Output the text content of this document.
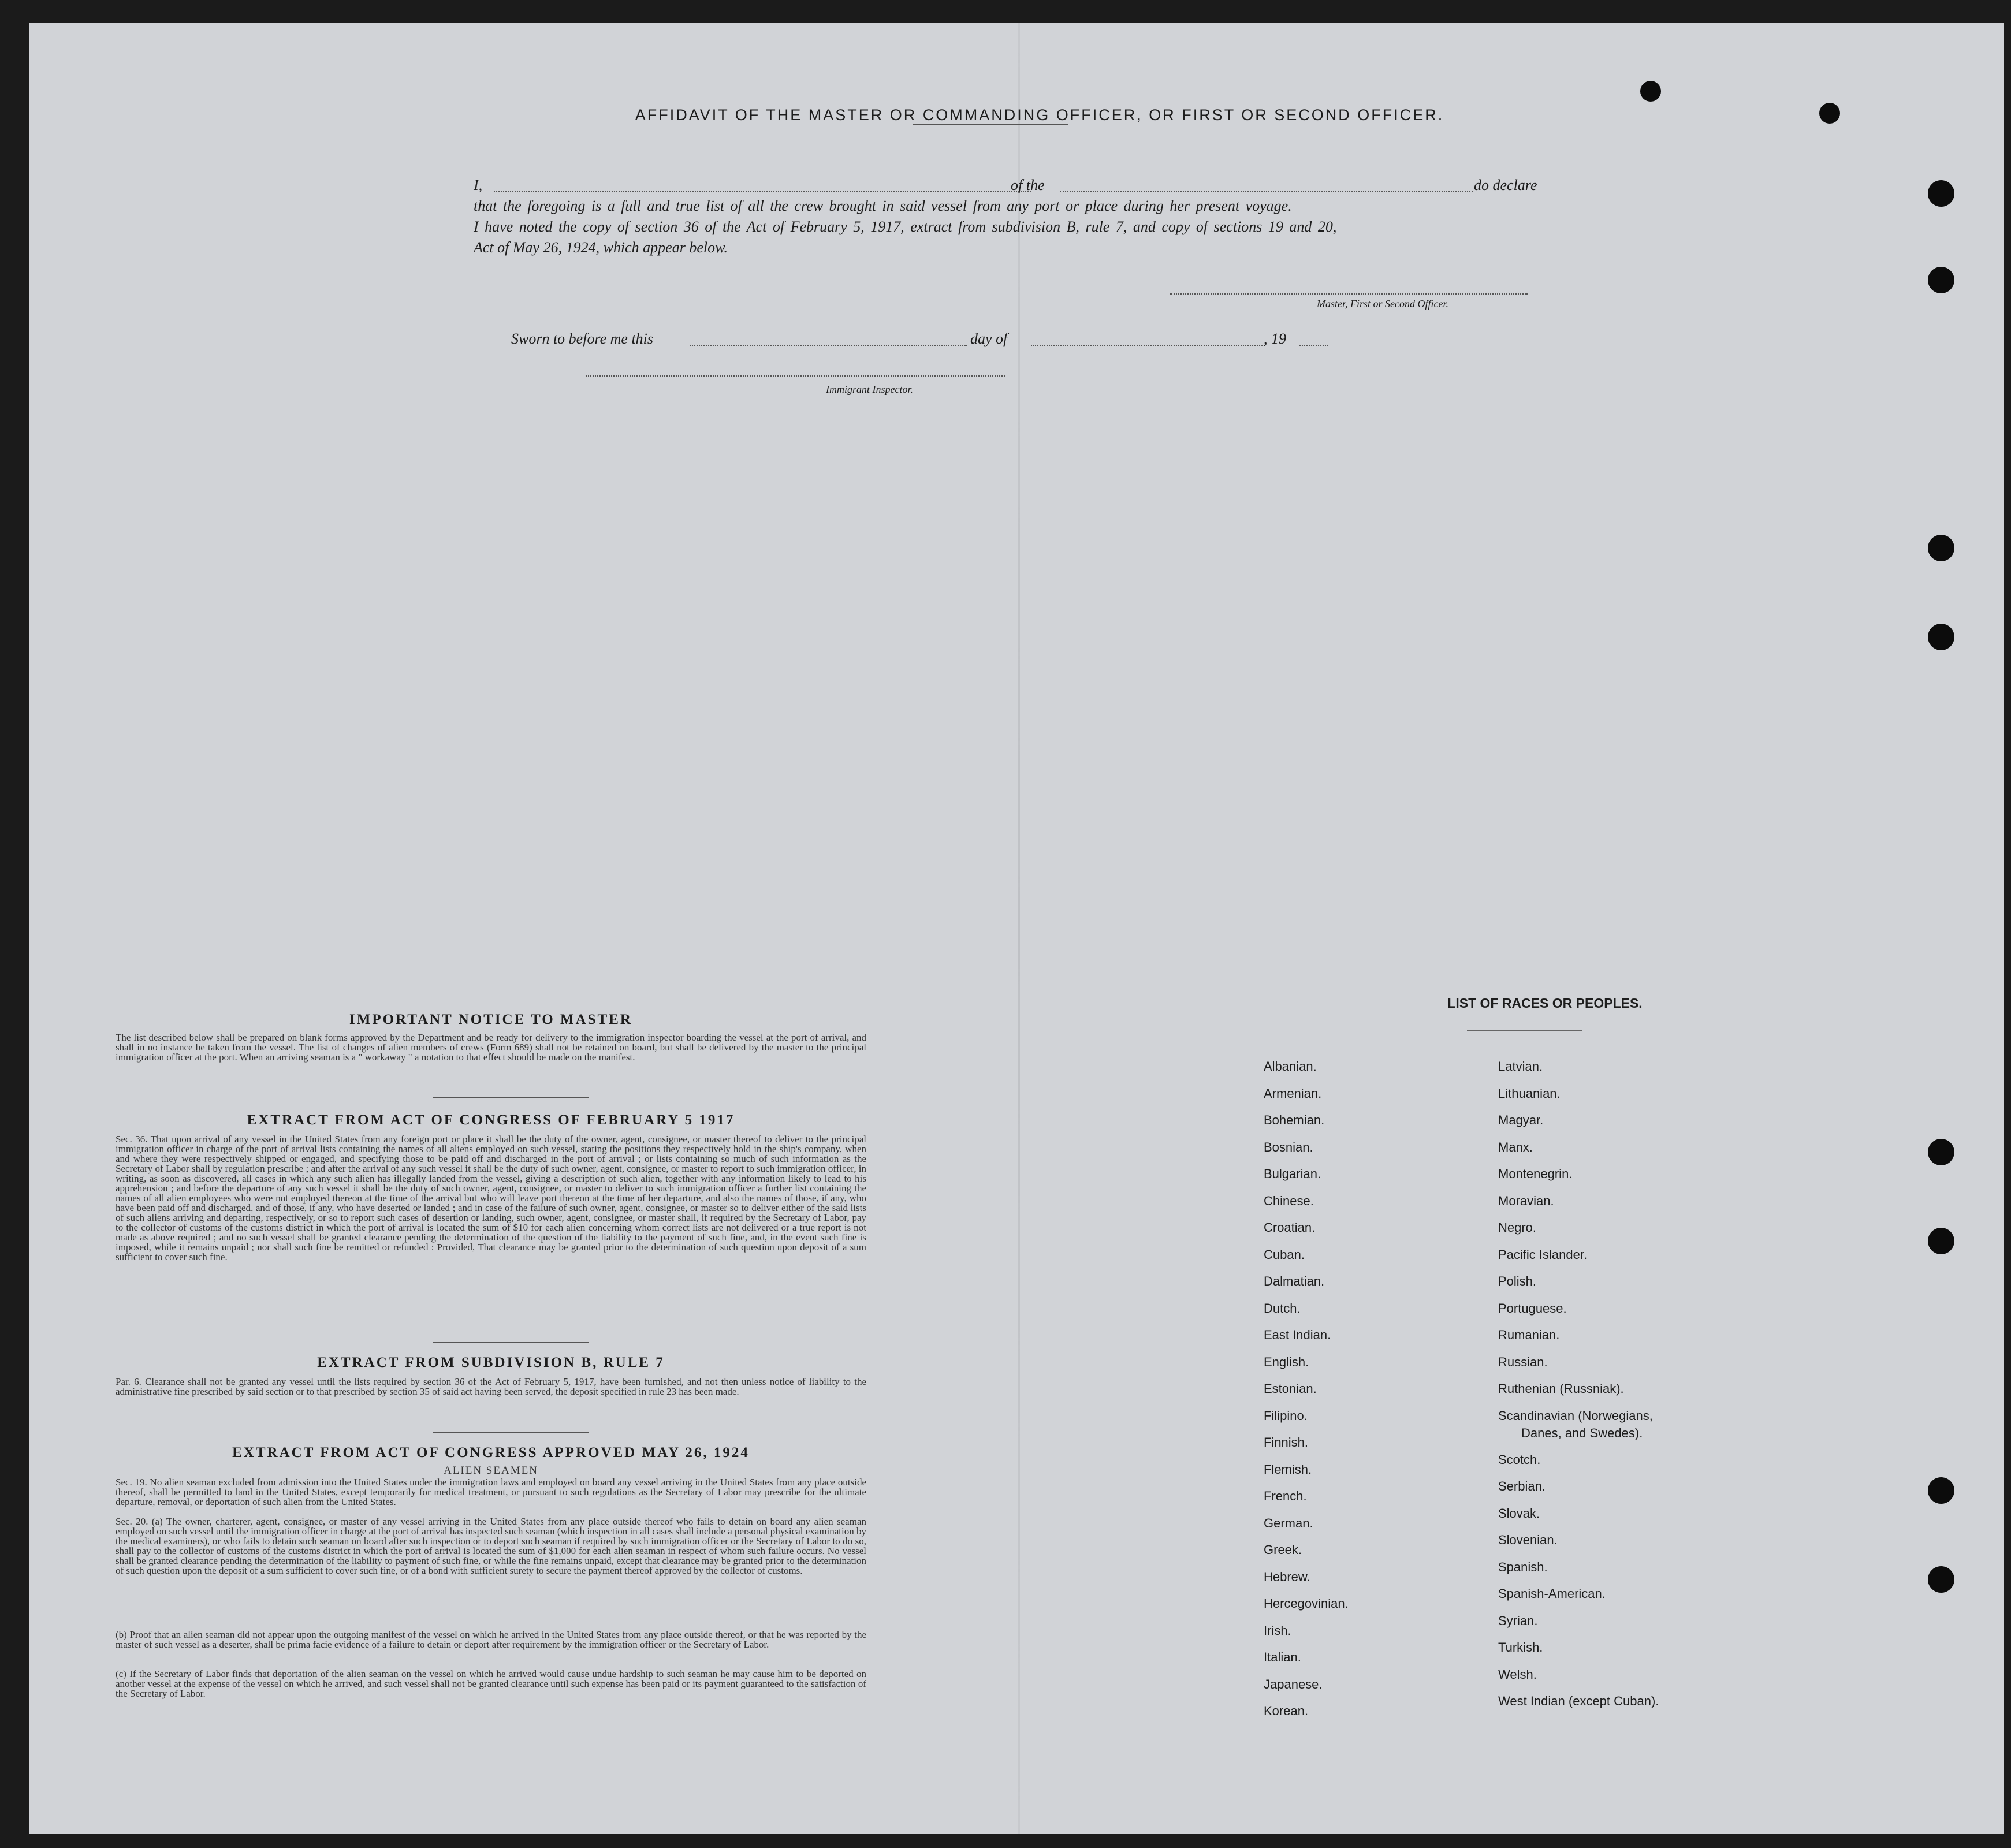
AFFIDAVIT OF THE MASTER OR COMMANDING OFFICER, OR FIRST OR SECOND OFFICER.
I,	of the	do declare
that the foregoing is a full and true list of all the crew brought in said vessel from any port or place during her present voyage.
I have noted the copy of section 36 of the Act of February 5, 1917, extract from subdivision B, rule 7, and copy of sections 19 and 20,
Act of May 26, 1924, which appear below.
Master, First or Second Officer.
Sworn to before me this	day of	, 19
Immigrant Inspector.
IMPORTANT NOTICE TO MASTER
The list described below shall be prepared on blank forms approved by the Department and be ready for delivery to the immigration inspector boarding the vessel at the port of arrival, and shall in no instance be taken from the vessel. The list of changes of alien members of crews (Form 689) shall not be retained on board, but shall be delivered by the master to the principal immigration officer at the port. When an arriving seaman is a " workaway " a notation to that effect should be made on the manifest.
EXTRACT FROM ACT OF CONGRESS OF FEBRUARY 5 1917
Sec. 36. That upon arrival of any vessel in the United States from any foreign port or place it shall be the duty of the owner, agent, consignee, or master thereof to deliver to the principal immigration officer in charge of the port of arrival lists containing the names of all aliens employed on such vessel, stating the positions they respectively hold in the ship's company, when and where they were respectively shipped or engaged, and specifying those to be paid off and discharged in the port of arrival ; or lists containing so much of such information as the Secretary of Labor shall by regulation prescribe ; and after the arrival of any such vessel it shall be the duty of such owner, agent, consignee, or master to report to such immigration officer, in writing, as soon as discovered, all cases in which any such alien has illegally landed from the vessel, giving a description of such alien, together with any information likely to lead to his apprehension ; and before the departure of any such vessel it shall be the duty of such owner, agent, consignee, or master to deliver to such immigration officer a further list containing the names of all alien employees who were not employed thereon at the time of the arrival but who will leave port thereon at the time of her departure, and also the names of those, if any, who have been paid off and discharged, and of those, if any, who have deserted or landed ; and in case of the failure of such owner, agent, consignee, or master so to deliver either of the said lists of such aliens arriving and departing, respectively, or so to report such cases of desertion or landing, such owner, agent, consignee, or master shall, if required by the Secretary of Labor, pay to the collector of customs of the customs district in which the port of arrival is located the sum of $10 for each alien concerning whom correct lists are not delivered or a true report is not made as above required ; and no such vessel shall be granted clearance pending the determination of the question of the liability to the payment of such fine, and, in the event such fine is imposed, while it remains unpaid ; nor shall such fine be remitted or refunded : Provided, That clearance may be granted prior to the determination of such question upon deposit of a sum sufficient to cover such fine.
EXTRACT FROM SUBDIVISION B, RULE 7
Par. 6. Clearance shall not be granted any vessel until the lists required by section 36 of the Act of February 5, 1917, have been furnished, and not then unless notice of liability to the administrative fine prescribed by said section or to that prescribed by section 35 of said act having been served, the deposit specified in rule 23 has been made.
EXTRACT FROM ACT OF CONGRESS APPROVED MAY 26, 1924
ALIEN SEAMEN
Sec. 19. No alien seaman excluded from admission into the United States under the immigration laws and employed on board any vessel arriving in the United States from any place outside thereof, shall be permitted to land in the United States, except temporarily for medical treatment, or pursuant to such regulations as the Secretary of Labor may prescribe for the ultimate departure, removal, or deportation of such alien from the United States.
Sec. 20. (a) The owner, charterer, agent, consignee, or master of any vessel arriving in the United States from any place outside thereof who fails to detain on board any alien seaman employed on such vessel until the immigration officer in charge at the port of arrival has inspected such seaman (which inspection in all cases shall include a personal physical examination by the medical examiners), or who fails to detain such seaman on board after such inspection or to deport such seaman if required by such immigration officer or the Secretary of Labor to do so, shall pay to the collector of customs of the customs district in which the port of arrival is located the sum of $1,000 for each alien seaman in respect of whom such failure occurs. No vessel shall be granted clearance pending the determination of the liability to payment of such fine, or while the fine remains unpaid, except that clearance may be granted prior to the determination of such question upon the deposit of a sum sufficient to cover such fine, or of a bond with sufficient surety to secure the payment thereof approved by the collector of customs.
(b) Proof that an alien seaman did not appear upon the outgoing manifest of the vessel on which he arrived in the United States from any place outside thereof, or that he was reported by the master of such vessel as a deserter, shall be prima facie evidence of a failure to detain or deport after requirement by the immigration officer or the Secretary of Labor.
(c) If the Secretary of Labor finds that deportation of the alien seaman on the vessel on which he arrived would cause undue hardship to such seaman he may cause him to be deported on another vessel at the expense of the vessel on which he arrived, and such vessel shall not be granted clearance until such expense has been paid or its payment guaranteed to the satisfaction of the Secretary of Labor.
LIST OF RACES OR PEOPLES.
Albanian.
Armenian.
Bohemian.
Bosnian.
Bulgarian.
Chinese.
Croatian.
Cuban.
Dalmatian.
Dutch.
East Indian.
English.
Estonian.
Filipino.
Finnish.
Flemish.
French.
German.
Greek.
Hebrew.
Hercegovinian.
Irish.
Italian.
Japanese.
Korean.
Latvian.
Lithuanian.
Magyar.
Manx.
Montenegrin.
Moravian.
Negro.
Pacific Islander.
Polish.
Portuguese.
Rumanian.
Russian.
Ruthenian (Russniak).
Scandinavian (Norwegians,
Danes, and Swedes).
Scotch.
Serbian.
Slovak.
Slovenian.
Spanish.
Spanish-American.
Syrian.
Turkish.
Welsh.
West Indian (except Cuban).
